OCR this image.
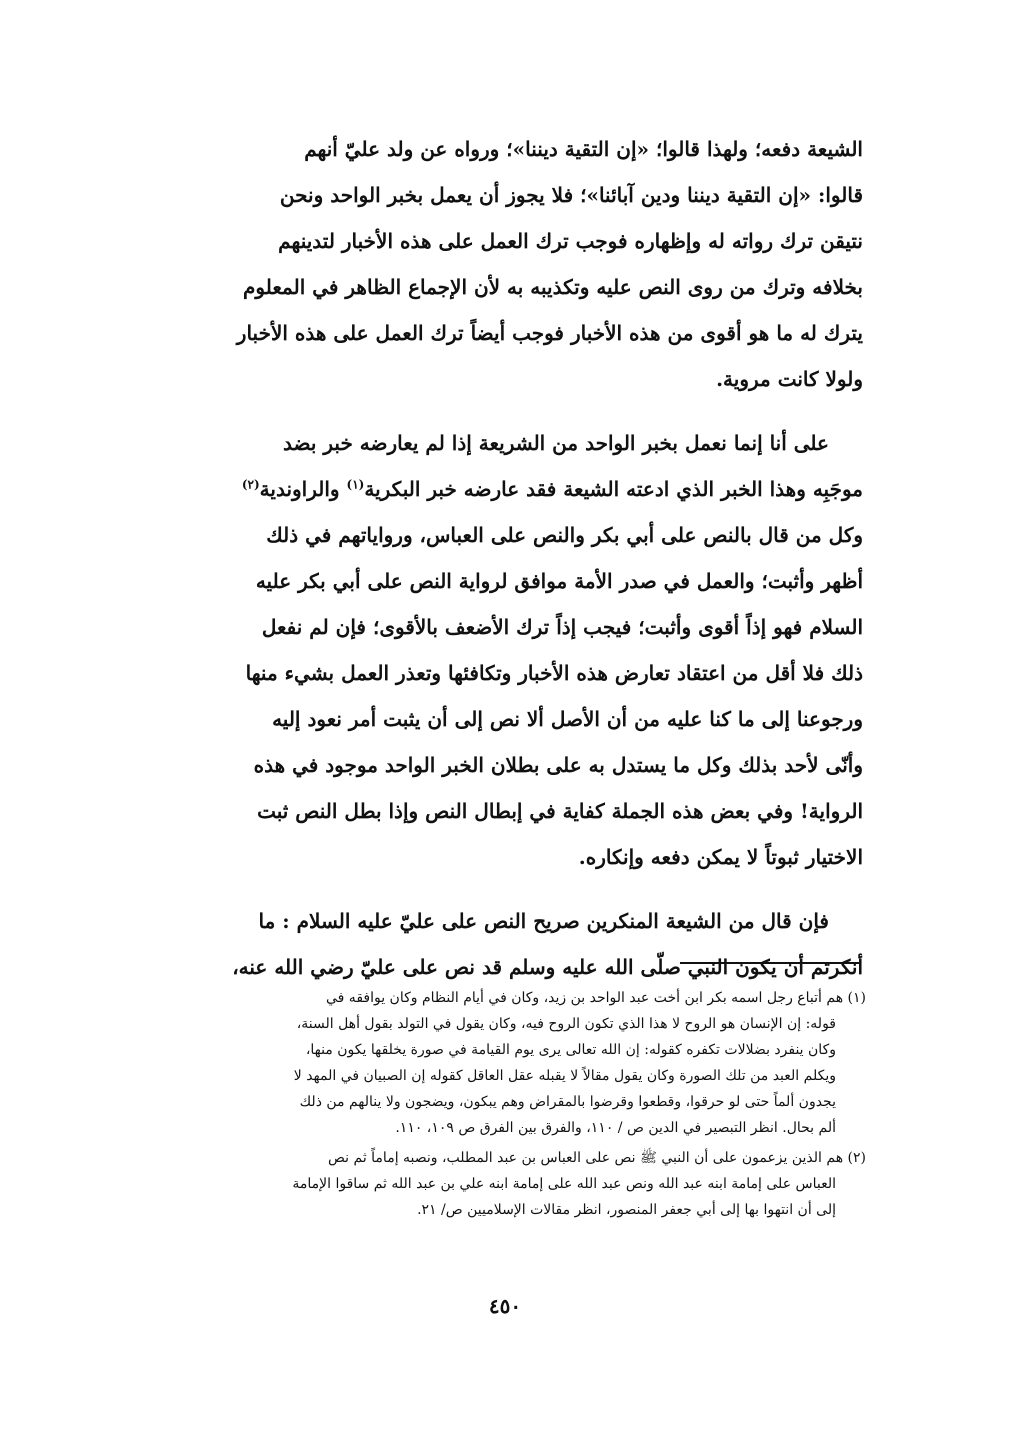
الشيعة دفعه؛ ولهذا قالوا؛ «إن التقية ديننا»؛ ورواه عن ولد عليّ أنهم
قالوا: «إن التقية ديننا ودين آبائنا»؛ فلا يجوز أن يعمل بخبر الواحد ونحن
نتيقن ترك رواته له وإظهاره فوجب ترك العمل على هذه الأخبار لتدينهم
بخلافه وترك من روى النص عليه وتكذيبه به لأن الإجماع الظاهر في المعلوم
يترك له ما هو أقوى من هذه الأخبار فوجب أيضاً ترك العمل على هذه الأخبار
ولولا كانت مروية.
على أنا إنما نعمل بخبر الواحد من الشريعة إذا لم يعارضه خبر بضد
موجَبِه وهذا الخبر الذي ادعته الشيعة فقد عارضه خبر البكرية$^{(١)}$ والراوندية$^{(٢)}$
وكل من قال بالنص على أبي بكر والنص على العباس، ورواياتهم في ذلك
أظهر وأثبت؛ والعمل في صدر الأمة موافق لرواية النص على أبي بكر عليه
السلام فهو إذاً أقوى وأثبت؛ فيجب إذاً ترك الأضعف بالأقوى؛ فإن لم نفعل
ذلك فلا أقل من اعتقاد تعارض هذه الأخبار وتكافئها وتعذر العمل بشيء منها
ورجوعنا إلى ما كنا عليه من أن الأصل ألا نص إلى أن يثبت أمر نعود إليه
وأنّى لأحد بذلك وكل ما يستدل به على بطلان الخبر الواحد موجود في هذه
الرواية! وفي بعض هذه الجملة كفاية في إبطال النص وإذا بطل النص ثبت
الاختيار ثبوتاً لا يمكن دفعه وإنكاره.
فإن قال من الشيعة المنكرين صريح النص على عليّ عليه السلام : ما
أنكرتم أن يكون النبي صلّى الله عليه وسلم قد نص على عليّ رضي الله عنه،
(١) هم أتباع رجل اسمه بكر ابن أخت عبد الواحد بن زيد، وكان في أيام النظام وكان يوافقه في
قوله: إن الإنسان هو الروح لا هذا الذي تكون الروح فيه، وكان يقول في التولد بقول أهل السنة،
وكان ينفرد بضلالات تكفره كقوله: إن الله تعالى يرى يوم القيامة في صورة يخلقها يكون منها،
ويكلم العبد من تلك الصورة وكان يقول مقالاً لا يقبله عقل العاقل كقوله إن الصبيان في المهد لا
يجدون ألماً حتى لو حرقوا، وقطعوا وقرضوا بالمقراض وهم يبكون، ويضجون ولا ينالهم من ذلك
ألم بحال. انظر التبصير في الدين ص / ١١٠، والفرق بين الفرق ص ١٠٩، ١١٠.
(٢) هم الذين يزعمون على أن النبي ﷺ نص على العباس بن عبد المطلب، ونصبه إماماً ثم نص
العباس على إمامة ابنه عبد الله ونص عبد الله على إمامة ابنه علي بن عبد الله ثم ساقوا الإمامة
إلى أن انتهوا بها إلى أبي جعفر المنصور، انظر مقالات الإسلاميين ص/ ٢١.
٤٥٠
